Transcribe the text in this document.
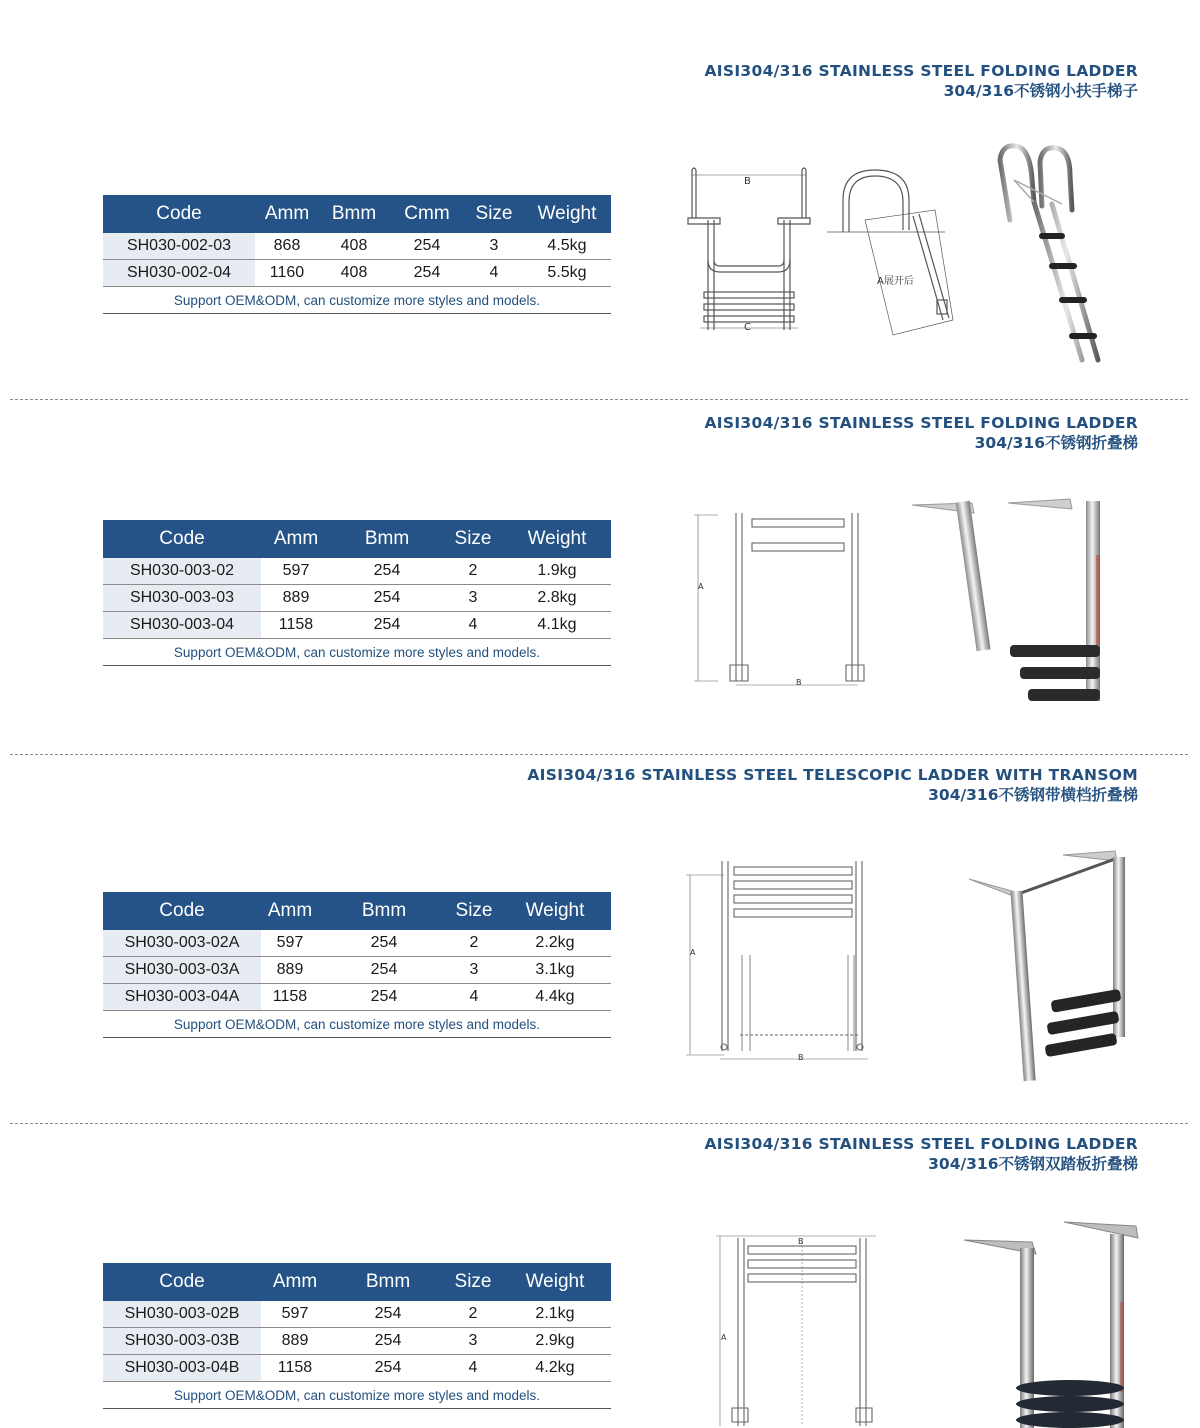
AISI304/316 STAINLESS STEEL FOLDING LADDER
304/316不锈钢小扶手梯子
Code	Amm	Bmm	Cmm	Size	Weight
SH030-002-03	868	408	254	3	4.5kg
SH030-002-04	1160	408	254	4	5.5kg
Support OEM&ODM, can customize more styles and models.					
B
C
A展开后
AISI304/316 STAINLESS STEEL FOLDING LADDER
304/316不锈钢折叠梯
Code	Amm	Bmm	Size	Weight
SH030-003-02	597	254	2	1.9kg
SH030-003-03	889	254	3	2.8kg
SH030-003-04	1158	254	4	4.1kg
Support OEM&ODM, can customize more styles and models.				
A
B
AISI304/316 STAINLESS STEEL TELESCOPIC LADDER WITH TRANSOM
304/316不锈钢带横档折叠梯
Code	Amm	Bmm	Size	Weight
SH030-003-02A	597	254	2	2.2kg
SH030-003-03A	889	254	3	3.1kg
SH030-003-04A	1158	254	4	4.4kg
Support OEM&ODM, can customize more styles and models.				
A
B
AISI304/316 STAINLESS STEEL FOLDING LADDER
304/316不锈钢双踏板折叠梯
Code	Amm	Bmm	Size	Weight
SH030-003-02B	597	254	2	2.1kg
SH030-003-03B	889	254	3	2.9kg
SH030-003-04B	1158	254	4	4.2kg
Support OEM&ODM, can customize more styles and models.				
A
B
